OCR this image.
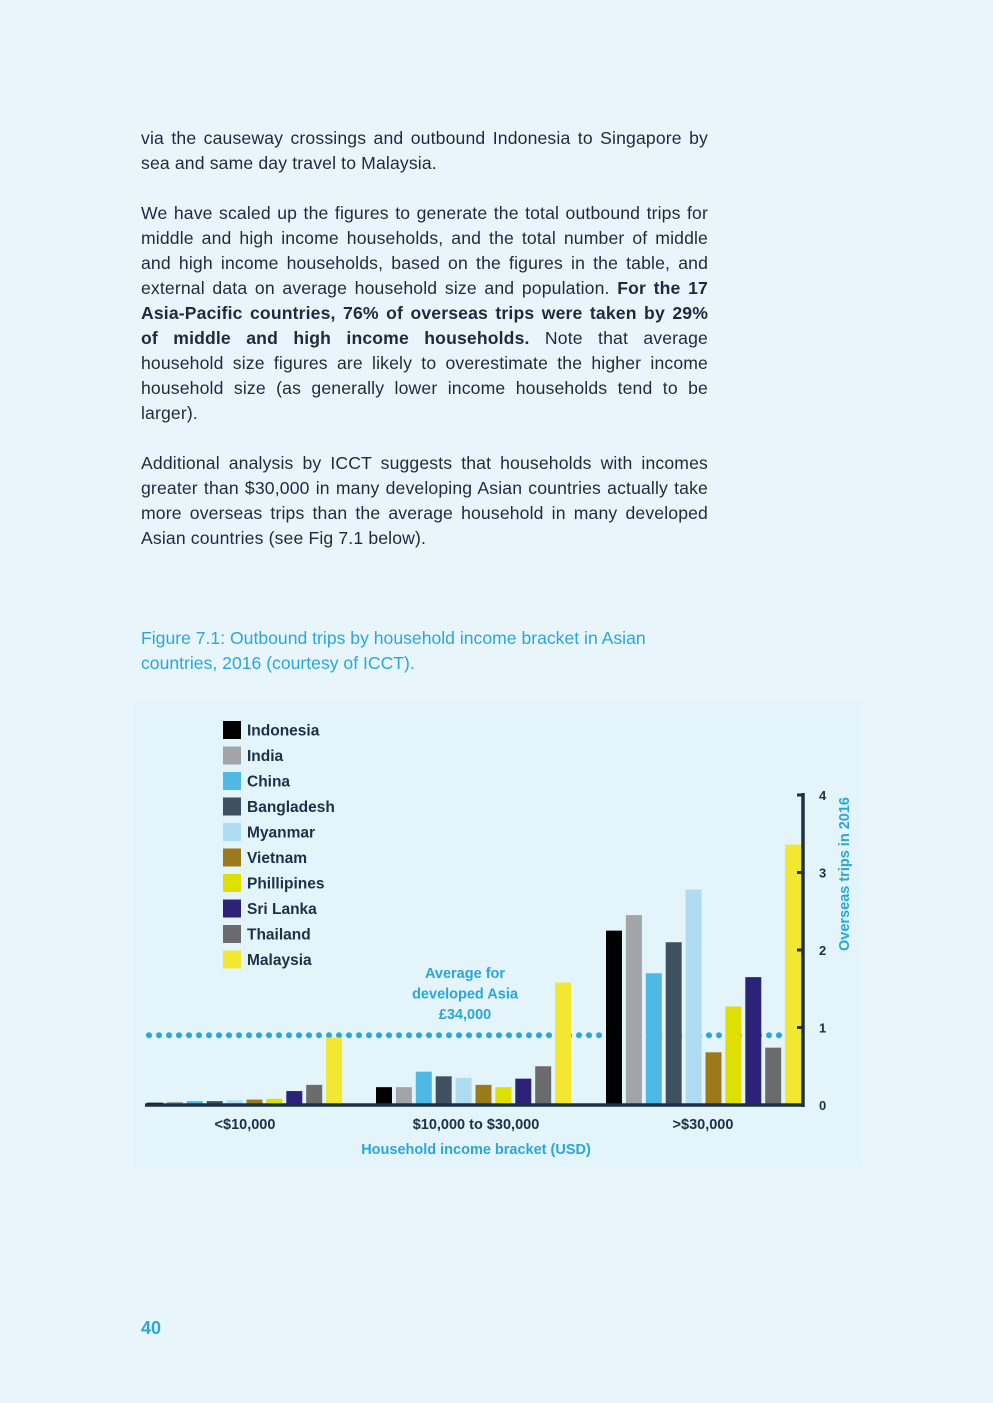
via the causeway crossings and outbound Indonesia to Singapore by sea and same day travel to Malaysia.

We have scaled up the figures to generate the total outbound trips for middle and high income households, and the total number of middle and high income households, based on the figures in the table, and external data on average household size and population. For the 17 Asia-Pacific countries, 76% of overseas trips were taken by 29% of middle and high income households. Note that average household size figures are likely to overestimate the higher income household size (as generally lower income households tend to be larger).

Additional analysis by ICCT suggests that households with incomes greater than $30,000 in many developing Asian countries actually take more overseas trips than the average household in many developed Asian countries (see Fig 7.1 below).

Figure 7.1: Outbound trips by household income bracket in Asian countries, 2016 (courtesy of ICCT).
0
1
2
3
4
Overseas trips in 2016
<$10,000	$10,000 to $30,000	>$30,000
Household income bracket (USD)
Average for
developed Asia
£34,000
Indonesia
India
China
Bangladesh
Myanmar
Vietnam
Phillipines
Sri Lanka
Thailand
Malaysia
40
